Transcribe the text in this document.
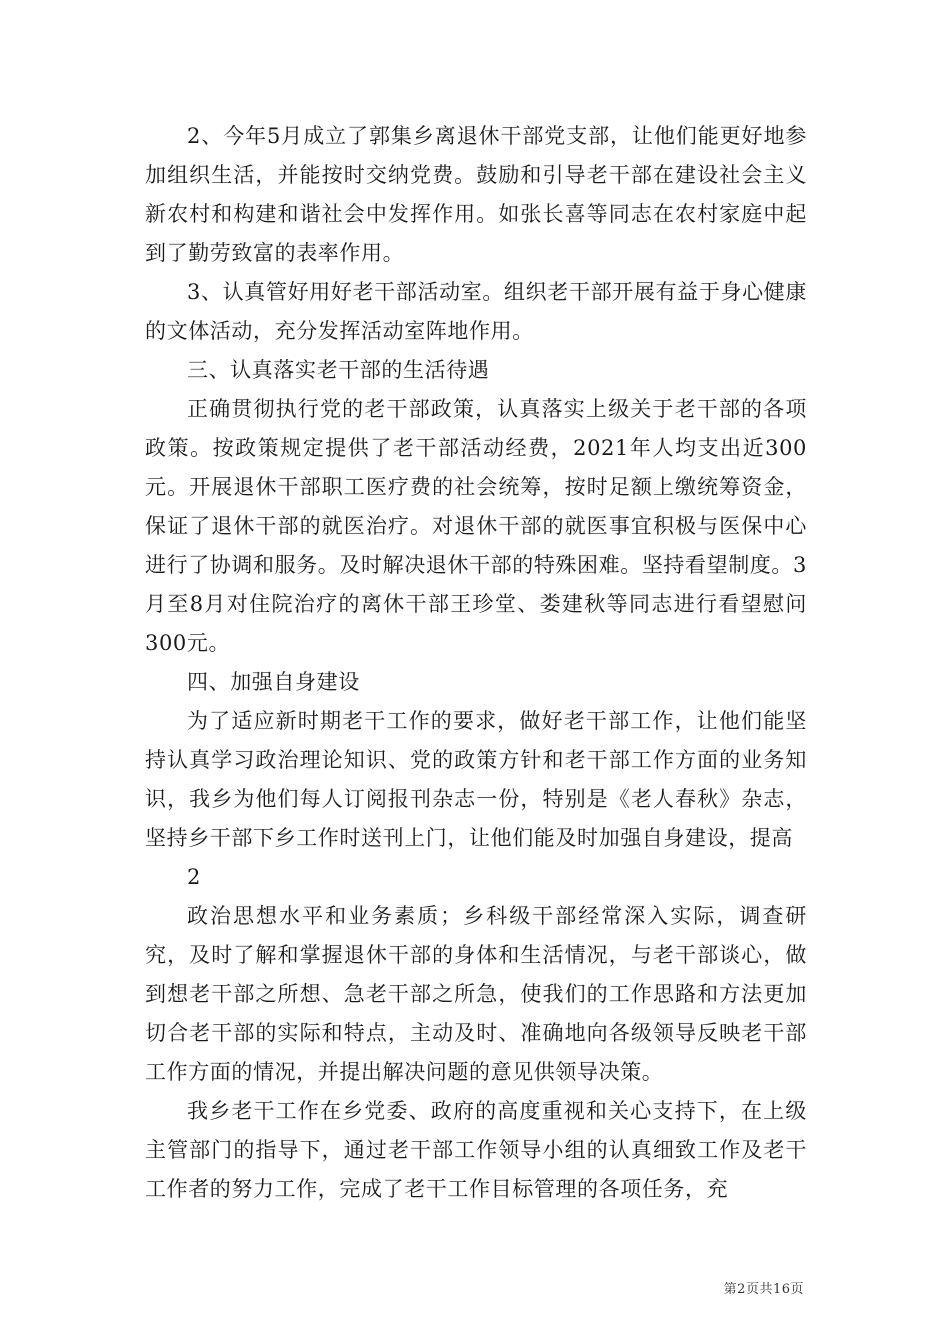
2、今年5月成立了郭集乡离退休干部党支部，让他们能更好地参加组织生活，并能按时交纳党费。鼓励和引导老干部在建设社会主义新农村和构建和谐社会中发挥作用。如张长喜等同志在农村家庭中起到了勤劳致富的表率作用。

3、认真管好用好老干部活动室。组织老干部开展有益于身心健康的文体活动，充分发挥活动室阵地作用。

三、认真落实老干部的生活待遇

正确贯彻执行党的老干部政策，认真落实上级关于老干部的各项政策。按政策规定提供了老干部活动经费，2021年人均支出近300元。开展退休干部职工医疗费的社会统筹，按时足额上缴统筹资金，保证了退休干部的就医治疗。对退休干部的就医事宜积极与医保中心进行了协调和服务。及时解决退休干部的特殊困难。坚持看望制度。3月至8月对住院治疗的离休干部王珍堂、娄建秋等同志进行看望慰问300元。

四、加强自身建设

为了适应新时期老干工作的要求，做好老干部工作，让他们能坚持认真学习政治理论知识、党的政策方针和老干部工作方面的业务知识，我乡为他们每人订阅报刊杂志一份，特别是《老人春秋》杂志，坚持乡干部下乡工作时送刊上门，让他们能及时加强自身建设，提高

2

政治思想水平和业务素质；乡科级干部经常深入实际，调查研究，及时了解和掌握退休干部的身体和生活情况，与老干部谈心，做到想老干部之所想、急老干部之所急，使我们的工作思路和方法更加切合老干部的实际和特点，主动及时、准确地向各级领导反映老干部工作方面的情况，并提出解决问题的意见供领导决策。

我乡老干工作在乡党委、政府的高度重视和关心支持下，在上级主管部门的指导下，通过老干部工作领导小组的认真细致工作及老干工作者的努力工作，完成了老干工作目标管理的各项任务，充

第2页共16页
